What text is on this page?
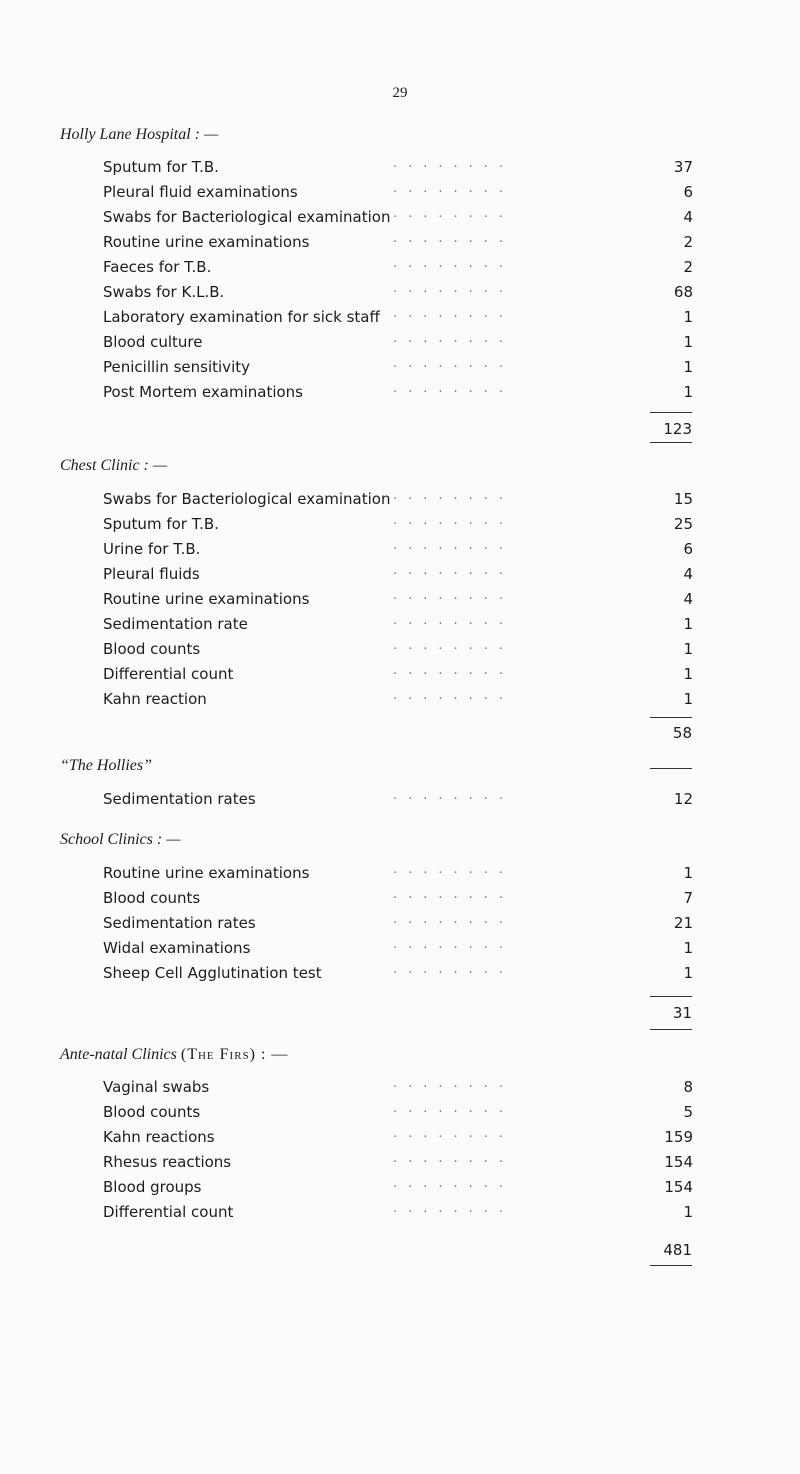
29
Holly Lane Hospital : —
Sputum for T.B.	........	37
Pleural fluid examinations	........	6
Swabs for Bacteriological examination ........	4
Routine urine examinations	........	2
Faeces for T.B.	........	2
Swabs for K.L.B.	........	68
Laboratory examination for sick staff ........	1
Blood culture	........	1
Penicillin sensitivity	........	1
Post Mortem examinations	........	1
123
Chest Clinic : —
Swabs for Bacteriological examination ........	15
Sputum for T.B.	........	25
Urine for T.B.	........	6
Pleural fluids	........	4
Routine urine examinations	........	4
Sedimentation rate	........	1
Blood counts	........	1
Differential count	........	1
Kahn reaction	........	1
58
“The Hollies”
Sedimentation rates	........	12
School Clinics : —
Routine urine examinations	........	1
Blood counts	........	7
Sedimentation rates	........	21
Widal examinations	........	1
Sheep Cell Agglutination test	........	1
31
Ante-natal Clinics (The Firs) : —
Vaginal swabs	........	8
Blood counts	........	5
Kahn reactions	........	159
Rhesus reactions	........	154
Blood groups	........	154
Differential count	........	1
481
